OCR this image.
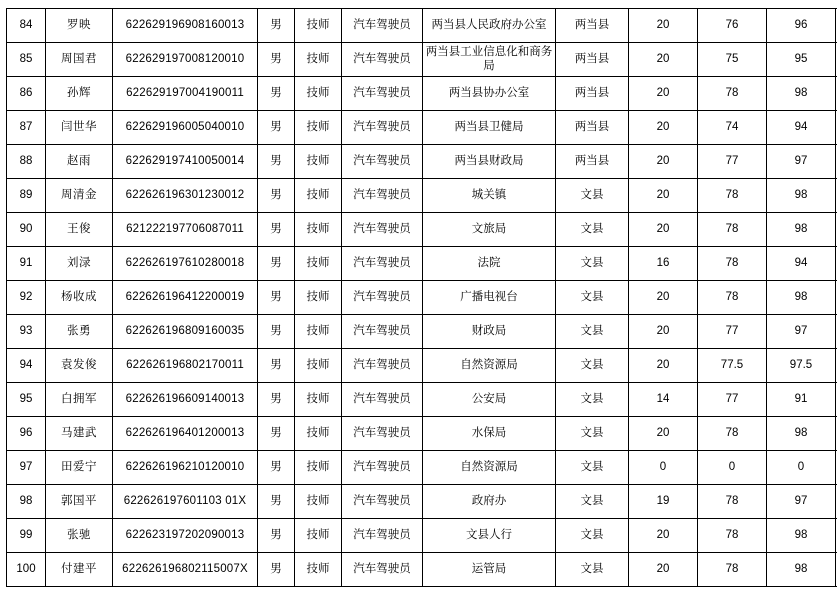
84	罗映	622629196908160013	男	技师	汽车驾驶员	两当县人民政府办公室	两当县	20	76	96	
85	周国君	622629197008120010	男	技师	汽车驾驶员	两当县工业信息化和商务局	两当县	20	75	95	
86	孙辉	622629197004190011	男	技师	汽车驾驶员	两当县协办公室	两当县	20	78	98	
87	闫世华	622629196005040010	男	技师	汽车驾驶员	两当县卫健局	两当县	20	74	94	
88	赵雨	622629197410050014	男	技师	汽车驾驶员	两当县财政局	两当县	20	77	97	
89	周清金	622626196301230012	男	技师	汽车驾驶员	城关镇	文县	20	78	98	
90	王俊	621222197706087011	男	技师	汽车驾驶员	文旅局	文县	20	78	98	
91	刘渌	622626197610280018	男	技师	汽车驾驶员	法院	文县	16	78	94	
92	杨收成	622626196412200019	男	技师	汽车驾驶员	广播电视台	文县	20	78	98	
93	张勇	622626196809160035	男	技师	汽车驾驶员	财政局	文县	20	77	97	
94	袁发俊	622626196802170011	男	技师	汽车驾驶员	自然资源局	文县	20	77.5	97.5	
95	白拥军	622626196609140013	男	技师	汽车驾驶员	公安局	文县	14	77	91	
96	马建武	622626196401200013	男	技师	汽车驾驶员	水保局	文县	20	78	98	
97	田爱宁	622626196210120010	男	技师	汽车驾驶员	自然资源局	文县	0	0	0	
98	郭国平	622626197601103 01X	男	技师	汽车驾驶员	政府办	文县	19	78	97	
99	张驰	622623197202090013	男	技师	汽车驾驶员	文县人行	文县	20	78	98	
100	付建平	622626196802115007X	男	技师	汽车驾驶员	运管局	文县	20	78	98	
